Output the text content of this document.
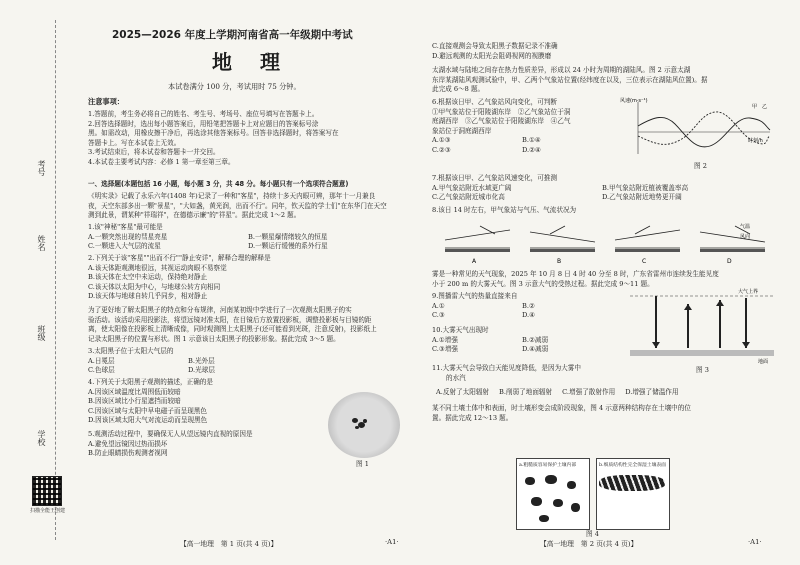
考号
姓名
班级
学校
扫描全能王创建
2025—2026 年度上学期河南省高一年级期中考试
地理
本试卷满分 100 分，考试用时 75 分钟。
注意事项：
1.答题前，考生务必将自己的姓名、考生号、考场号、座位号填写在答题卡上。
2.回答选择题时，选出每小题答案后，用铅笔把答题卡上对应题目的答案标号涂
黑。如需改动，用橡皮擦干净后，再选涂其他答案标号。回答非选择题时，将答案写在
答题卡上。写在本试卷上无效。
3.考试结束后，将本试卷和答题卡一并交回。
4.本试卷主要考试内容：必修 1 第一章至第三章。
一、选择题(本题包括 16 小题，每小题 3 分，共 48 分。每小题只有一个选项符合题意)
《明实录》记载了永乐六年(1408 年)记录了一种和"客星"，持续十多天内眼可辨，那年十一月兼良
夜，天空东部多出一颗"景星"，"大如盏，黄光润，出而不行"。同年，钦天监的学士们"在东华门在天空
测到此景，谓某种"祥瑞祥"，在德德示廉"的"祥星"。据此完成 1～2 题。
1.该"神秘"客星"最可能是
A.一颗突然出现的彗星亮星	B.一颗星爆情绪较久的恒星
C.一颗进入大气层的流星	D.一颗运行缓慢的系外行星
2.下列关于该"客星""出而不行""静止安详"，解释合理的解释是
A.该天体距观测地很远，其视运动肉眼不易察觉
B.该天体在太空中未运动，保持绝对静止
C.该天体以太阳为中心，与地球公转方向相同
D.该天体与地球自转几乎同步，相对静止
为了更好地了解太阳黑子的特点和分布规律，河南某初级中学进行了一次观测太阳黑子的实
验活动。该活动采用投影法，将望远镜对准太阳，在目镜后方放置投影板，调整投影板与目镜的距
离，使太阳像在投影板上清晰成像，同时观测图上太阳黑子(还可能看到光斑，注意反射)，投影纸上
记录太阳黑子的位置与形状。图 1 示意该日太阳黑子的投影形象。据此完成 3～5 题。
3.太阳黑子位于太阳大气层的
A.日冕层	B.光外层
C.色球层	D.光球层
4.下列关于太阳黑子观测的描述，正确的是
A.因该区域温度比周围低而较暗
B.因该区域比小行星遮挡而较暗
C.因该区域与太阳中早电磁子而呈现黑色
D.因该区域太阳大气对流运动而呈现黑色
5.观测活动过程中，要确保无人从望远镜内直视的原因是
A.避免望远镜因过热而损坏
B.防止眼睛损伤观测者视网
图 1
【高一地理　第 1 页(共 4 页)】	·A1·
C.直接观测会导致太阳黑子数据记录不准确
D.避远观测的太阳光会阻碍视网的视膜磨
太湖水域与陆地之间存在热力性质差异，形成以 24 小时为周期的湖陆风。图 2 示意太湖
东岸某湖陆风观测试验中，甲、乙两个气象站位置(经纬度在以及，三位表示在湖陆风位置)。据
此完成 6～8 题。
6.根据该日甲、乙气象站风向变化，可判断
①甲气象站位于阳陵湖东岸　②乙气象站位于洞
庭湖西岸　③乙气象站位于阳陵湖东岸　④乙气
象站位于洞庭湖西岸
A.①③	B.①④
C.②③	D.②④
风速(m·s⁻¹)
时刻/h
甲 乙
图 2
7.根据该日甲、乙气象站风速变化，可推测
A.甲气象站附近水域更广阔	B.甲气象站附近植被覆盖率高
C.乙气象站附近城市化高	D.乙气象站附近地势更开阔
8.该日 14 时左右，甲气象站与气压、气流状况为
A	B	C	D
气温
风向
雾是一种常见的天气现象，2025 年 10 月 8 日 4 时 40 分至 8 时，广东省雷州市连续发生能见度
小于 200 m 的大雾天气。图 3 示意大气的受热过程。据此完成 9～11 题。
9.图播雷大气的热量直接来自
A.①	B.②
C.③	D.④
10.大雾天气出现时
A.①增强	B.②减弱
C.③增强	D.④减弱
大气上界
地面
图 3
11.大雾天气会导致白天能见度降低，是因为大雾中
的水汽
A.反射了太阳辐射 B.削弱了地面辐射 C.增强了散射作用 D.增强了储温作用
某不同土壤土体中和表面，时土壤形变会成阶段现象，图 4 示意两种结构存在土壤中的位
置。据此完成 12～13 题。
a.粗糙质容易保护土壤内部	b.细质结构性完全保湿土壤表面
图 4
【高一地理　第 2 页(共 4 页)】	·A1·
